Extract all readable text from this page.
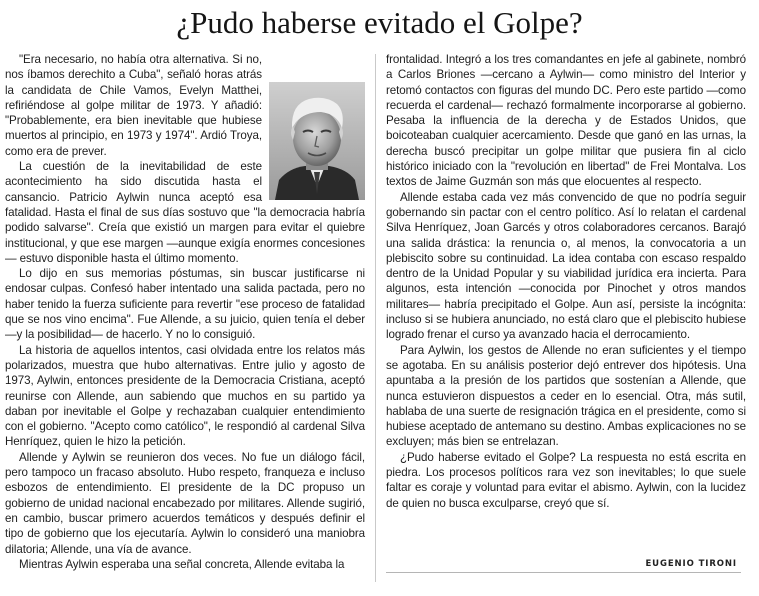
¿Pudo haberse evitado el Golpe?

"Era necesario, no había otra alternativa. Si no, nos íbamos derechito a Cuba", señaló horas atrás la candidata de Chile Vamos, Evelyn Matthei, refiriéndose al golpe militar de 1973. Y añadió: "Probablemente, era bien inevitable que hubiese muertos al principio, en 1973 y 1974". Ardió Troya, como era de prever.

La cuestión de la inevitabilidad de este acontecimiento ha sido discutida hasta el cansancio. Patricio Aylwin nunca aceptó esa fatalidad. Hasta el final de sus días sostuvo que "la democracia habría podido salvarse". Creía que existió un margen para evitar el quiebre institucional, y que ese margen —aunque exigía enormes concesiones— estuvo disponible hasta el último momento.

Lo dijo en sus memorias póstumas, sin buscar justificarse ni endosar culpas. Confesó haber intentado una salida pactada, pero no haber tenido la fuerza suficiente para revertir "ese proceso de fatalidad que se nos vino encima". Fue Allende, a su juicio, quien tenía el deber —y la posibilidad— de hacerlo. Y no lo consiguió.

La historia de aquellos intentos, casi olvidada entre los relatos más polarizados, muestra que hubo alternativas. Entre julio y agosto de 1973, Aylwin, entonces presidente de la Democracia Cristiana, aceptó reunirse con Allende, aun sabiendo que muchos en su partido ya daban por inevitable el Golpe y rechazaban cualquier entendimiento con el gobierno. "Acepto como católico", le respondió al cardenal Silva Henríquez, quien le hizo la petición.

Allende y Aylwin se reunieron dos veces. No fue un diálogo fácil, pero tampoco un fracaso absoluto. Hubo respeto, franqueza e incluso esbozos de entendimiento. El presidente de la DC propuso un gobierno de unidad nacional encabezado por militares. Allende sugirió, en cambio, buscar primero acuerdos temáticos y después definir el tipo de gobierno que los ejecutaría. Aylwin lo consideró una maniobra dilatoria; Allende, una vía de avance.

Mientras Aylwin esperaba una señal concreta, Allende evitaba la

frontalidad. Integró a los tres comandantes en jefe al gabinete, nombró a Carlos Briones —cercano a Aylwin— como ministro del Interior y retomó contactos con figuras del mundo DC. Pero este partido —como recuerda el cardenal— rechazó formalmente incorporarse al gobierno. Pesaba la influencia de la derecha y de Estados Unidos, que boicoteaban cualquier acercamiento. Desde que ganó en las urnas, la derecha buscó precipitar un golpe militar que pusiera fin al ciclo histórico iniciado con la "revolución en libertad" de Frei Montalva. Los textos de Jaime Guzmán son más que elocuentes al respecto.

Allende estaba cada vez más convencido de que no podría seguir gobernando sin pactar con el centro político. Así lo relatan el cardenal Silva Henríquez, Joan Garcés y otros colaboradores cercanos. Barajó una salida drástica: la renuncia o, al menos, la convocatoria a un plebiscito sobre su continuidad. La idea contaba con escaso respaldo dentro de la Unidad Popular y su viabilidad jurídica era incierta. Para algunos, esta intención —conocida por Pinochet y otros mandos militares— habría precipitado el Golpe. Aun así, persiste la incógnita: incluso si se hubiera anunciado, no está claro que el plebiscito hubiese logrado frenar el curso ya avanzado hacia el derrocamiento.

Para Aylwin, los gestos de Allende no eran suficientes y el tiempo se agotaba. En su análisis posterior dejó entrever dos hipótesis. Una apuntaba a la presión de los partidos que sostenían a Allende, que nunca estuvieron dispuestos a ceder en lo esencial. Otra, más sutil, hablaba de una suerte de resignación trágica en el presidente, como si hubiese aceptado de antemano su destino. Ambas explicaciones no se excluyen; más bien se entrelazan.

¿Pudo haberse evitado el Golpe? La respuesta no está escrita en piedra. Los procesos políticos rara vez son inevitables; lo que suele faltar es coraje y voluntad para evitar el abismo. Aylwin, con la lucidez de quien no busca exculparse, creyó que sí.

EUGENIO TIRONI
